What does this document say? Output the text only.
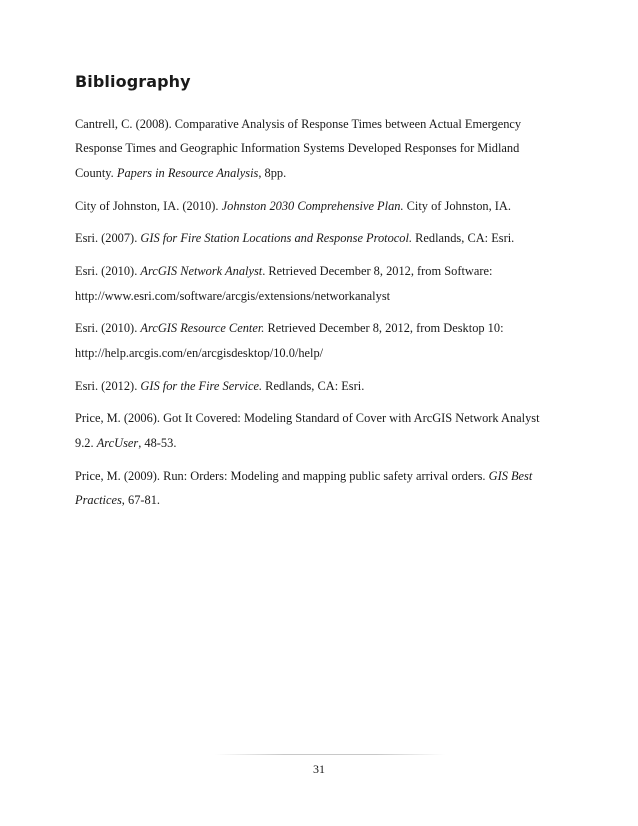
Bibliography
Cantrell, C. (2008). Comparative Analysis of Response Times between Actual Emergency
Response Times and Geographic Information Systems Developed Responses for Midland
County. Papers in Resource Analysis, 8pp.
City of Johnston, IA. (2010). Johnston 2030 Comprehensive Plan. City of Johnston, IA.
Esri. (2007). GIS for Fire Station Locations and Response Protocol. Redlands, CA: Esri.
Esri. (2010). ArcGIS Network Analyst. Retrieved December 8, 2012, from Software:
http://www.esri.com/software/arcgis/extensions/networkanalyst
Esri. (2010). ArcGIS Resource Center. Retrieved December 8, 2012, from Desktop 10:
http://help.arcgis.com/en/arcgisdesktop/10.0/help/
Esri. (2012). GIS for the Fire Service. Redlands, CA: Esri.
Price, M. (2006). Got It Covered: Modeling Standard of Cover with ArcGIS Network Analyst
9.2. ArcUser, 48-53.
Price, M. (2009). Run: Orders: Modeling and mapping public safety arrival orders. GIS Best
Practices, 67-81.
31
